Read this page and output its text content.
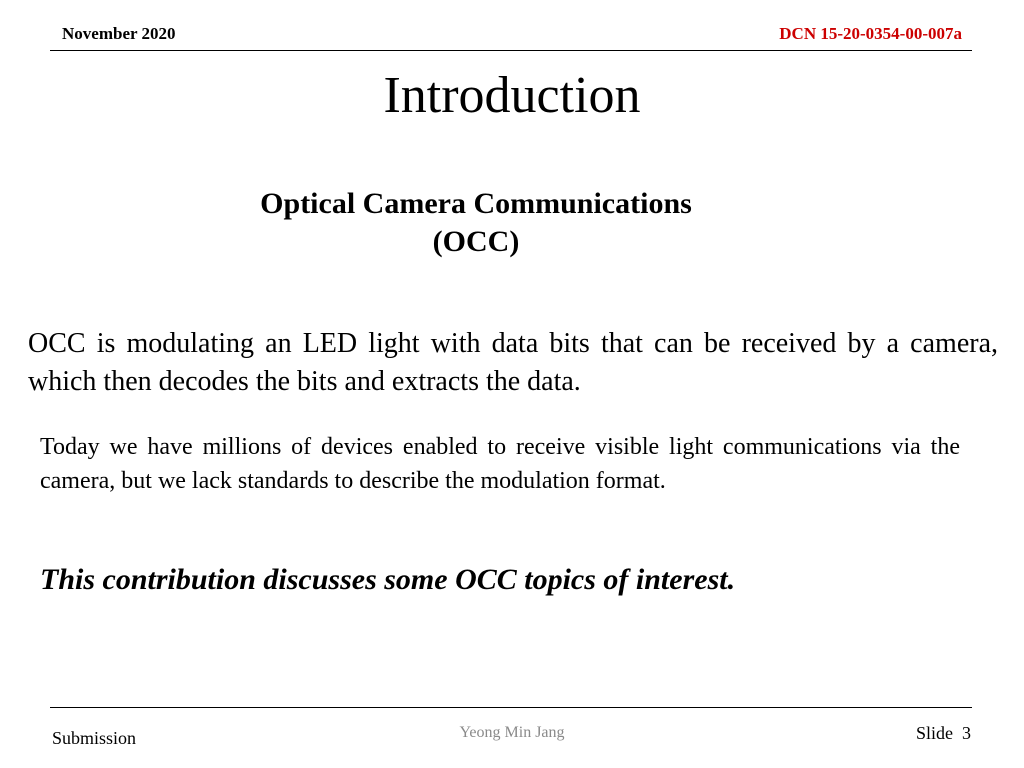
November 2020	DCN 15-20-0354-00-007a
Introduction
Optical Camera Communications
(OCC)
OCC is modulating an LED light with data bits that can be received by a camera, which then decodes the bits and extracts the data.
Today we have millions of devices enabled to receive visible light communications via the camera, but we lack standards to describe the modulation format.
This contribution discusses some OCC topics of interest.
Submission	Yeong Min Jang	Slide 3
